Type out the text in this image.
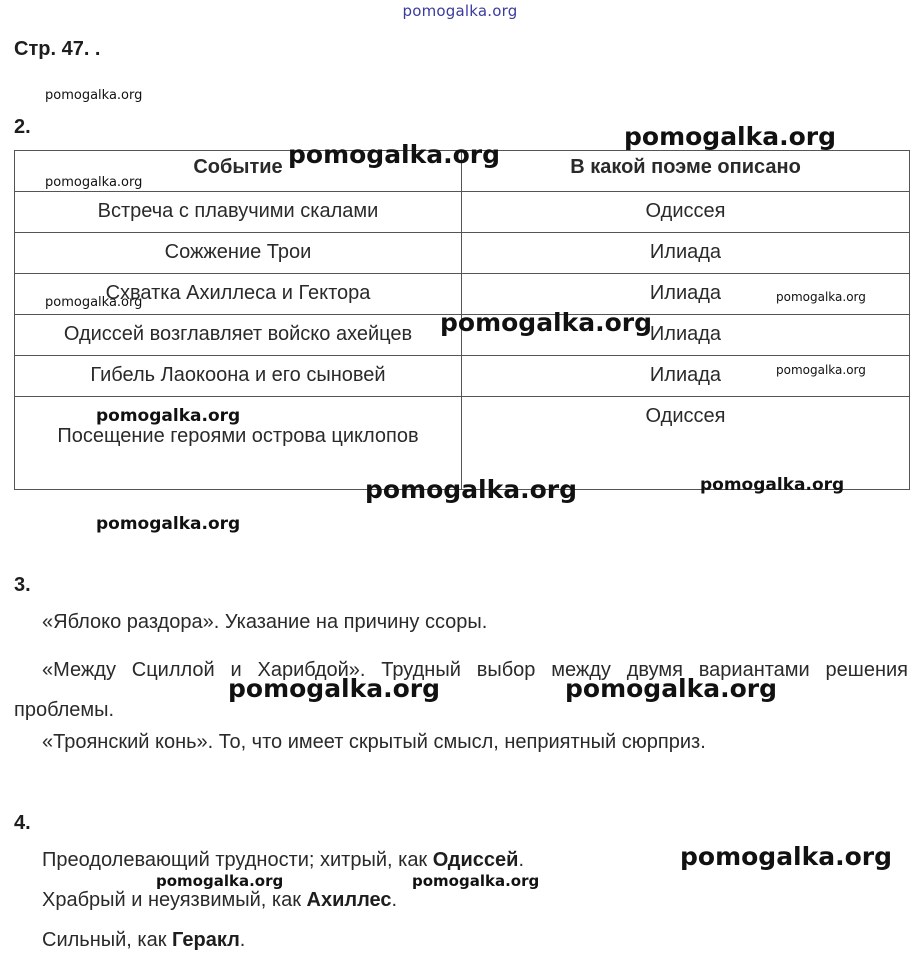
pomogalka.org
Стр. 47. .
pomogalka.org
2.
Событие	В какой поэме описано
Встреча с плавучими скалами	Одиссея
Сожжение Трои	Илиада
Схватка Ахиллеса и Гектора	Илиада
Одиссей возглавляет войско ахейцев	Илиада
Гибель Лаокоона и его сыновей	Илиада
Посещение героями острова циклопов	Одиссея
pomogalka.org
pomogalka.org
pomogalka.org
pomogalka.org
pomogalka.org
pomogalka.org
pomogalka.org
pomogalka.org
pomogalka.org	pomogalka.org
pomogalka.org
3.
«Яблоко раздора». Указание на причину ссоры.
«Между Сциллой и Харибдой». Трудный выбор между двумя вариантами решения проблемы.
«Троянский конь». То, что имеет скрытый смысл, неприятный сюрприз.
pomogalka.org	pomogalka.org
4.
Преодолевающий трудности; хитрый, как Одиссей.
Храбрый и неуязвимый, как Ахиллес.
Сильный, как Геракл.
pomogalka.org
pomogalka.org	pomogalka.org
